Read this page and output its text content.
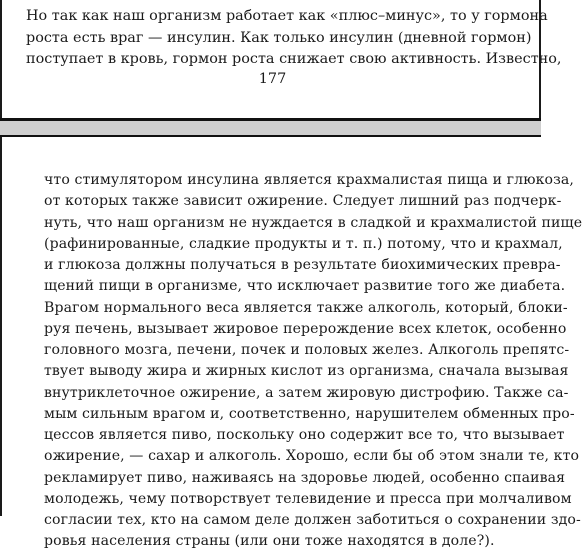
Но так как наш организм работает как «плюс–минус», то у гормона
роста есть враг — инсулин. Как только инсулин (дневной гормон)
поступает в кровь, гормон роста снижает свою активность. Известно,
177
что стимулятором инсулина является крахмалистая пища и глюкоза,
от которых также зависит ожирение. Следует лишний раз подчерк-
нуть, что наш организм не нуждается в сладкой и крахмалистой пище
(рафинированные, сладкие продукты и т. п.) потому, что и крахмал,
и глюкоза должны получаться в результате биохимических превра-
щений пищи в организме, что исключает развитие того же диабета.
Врагом нормального веса является также алкоголь, который, блоки-
руя печень, вызывает жировое перерождение всех клеток, особенно
головного мозга, печени, почек и половых желез. Алкоголь препятс-
твует выводу жира и жирных кислот из организма, сначала вызывая
внутриклеточное ожирение, а затем жировую дистрофию. Также са-
мым сильным врагом и, соответственно, нарушителем обменных про-
цессов является пиво, поскольку оно содержит все то, что вызывает
ожирение, — сахар и алкоголь. Хорошо, если бы об этом знали те, кто
рекламирует пиво, наживаясь на здоровье людей, особенно спаивая
молодежь, чему потворствует телевидение и пресса при молчаливом
согласии тех, кто на самом деле должен заботиться о сохранении здо-
ровья населения страны (или они тоже находятся в доле?).
